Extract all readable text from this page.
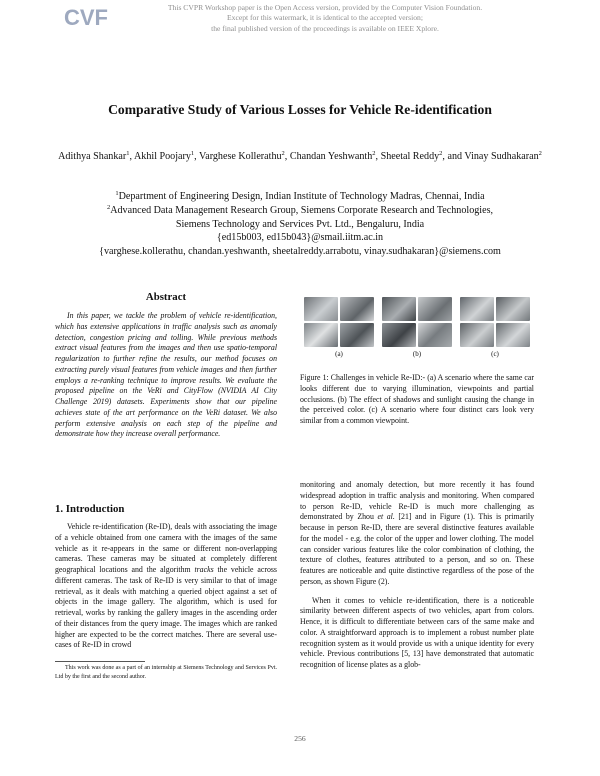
CVF	This CVPR Workshop paper is the Open Access version, provided by the Computer Vision Foundation.
Except for this watermark, it is identical to the accepted version;
the final published version of the proceedings is available on IEEE Xplore.
Comparative Study of Various Losses for Vehicle Re-identification
Adithya Shankar$^1$, Akhil Poojary$^1$, Varghese Kollerathu$^2$, Chandan Yeshwanth$^2$, Sheetal Reddy$^2$, and Vinay Sudhakaran$^2$
$^1$Department of Engineering Design, Indian Institute of Technology Madras, Chennai, India
$^2$Advanced Data Management Research Group, Siemens Corporate Research and Technologies,
Siemens Technology and Services Pvt. Ltd., Bengaluru, India
{ed15b003, ed15b043}@smail.iitm.ac.in
{varghese.kollerathu, chandan.yeshwanth, sheetalreddy.arrabotu, vinay.sudhakaran}@siemens.com
Abstract

In this paper, we tackle the problem of vehicle re-identification, which has extensive applications in traffic analysis such as anomaly detection, congestion pricing and tolling. While previous methods extract visual features from the images and then use spatio-temporal regularization to further refine the results, our method focuses on extracting purely visual features from vehicle images and then further employs a re-ranking technique to improve results. We evaluate the proposed pipeline on the VeRi and CityFlow (NVIDIA AI City Challenge 2019) datasets. Experiments show that our pipeline achieves state of the art performance on the VeRi dataset. We also perform extensive analysis on each step of the pipeline and demonstrate how they increase overall performance.

1. Introduction

Vehicle re-identification (Re-ID), deals with associating the image of a vehicle obtained from one camera with the images of the same vehicle as it re-appears in the same or different non-overlapping cameras. These cameras may be situated at completely different geographical locations and the algorithm tracks the vehicle across different cameras. The task of Re-ID is very similar to that of image retrieval, as it deals with matching a queried object against a set of objects in the image gallery. The algorithm, which is used for retrieval, works by ranking the gallery images in the ascending order of their distances from the query image. The images which are ranked higher are expected to be the correct matches. There are several use-cases of Re-ID in crowd

This work was done as a part of an internship at Siemens Technology and Services Pvt. Ltd by the first and the second author.

(a)	(b)	(c)
Figure 1: Challenges in vehicle Re-ID:- (a) A scenario where the same car looks different due to varying illumination, viewpoints and partial occlusions. (b) The effect of shadows and sunlight causing the change in the perceived color. (c) A scenario where four distinct cars look very similar from a common viewpoint.

monitoring and anomaly detection, but more recently it has found widespread adoption in traffic analysis and monitoring. When compared to person Re-ID, vehicle Re-ID is much more challenging as demonstrated by Zhou et al. [21] and in Figure (1). This is primarily because in person Re-ID, there are several distinctive features available for the model - e.g. the color of the upper and lower clothing. The model can consider various features like the color combination of clothing, the texture of clothes, features attributed to a person, and so on. These features are noticeable and quite distinctive regardless of the pose of the person, as shown Figure (2).

When it comes to vehicle re-identification, there is a noticeable similarity between different aspects of two vehicles, apart from colors. Hence, it is difficult to differentiate between cars of the same make and color. A straightforward approach is to implement a robust number plate recognition system as it would provide us with a unique identity for every vehicle. Previous contributions [5, 13] have demonstrated that automatic recognition of license plates as a glob-

256
